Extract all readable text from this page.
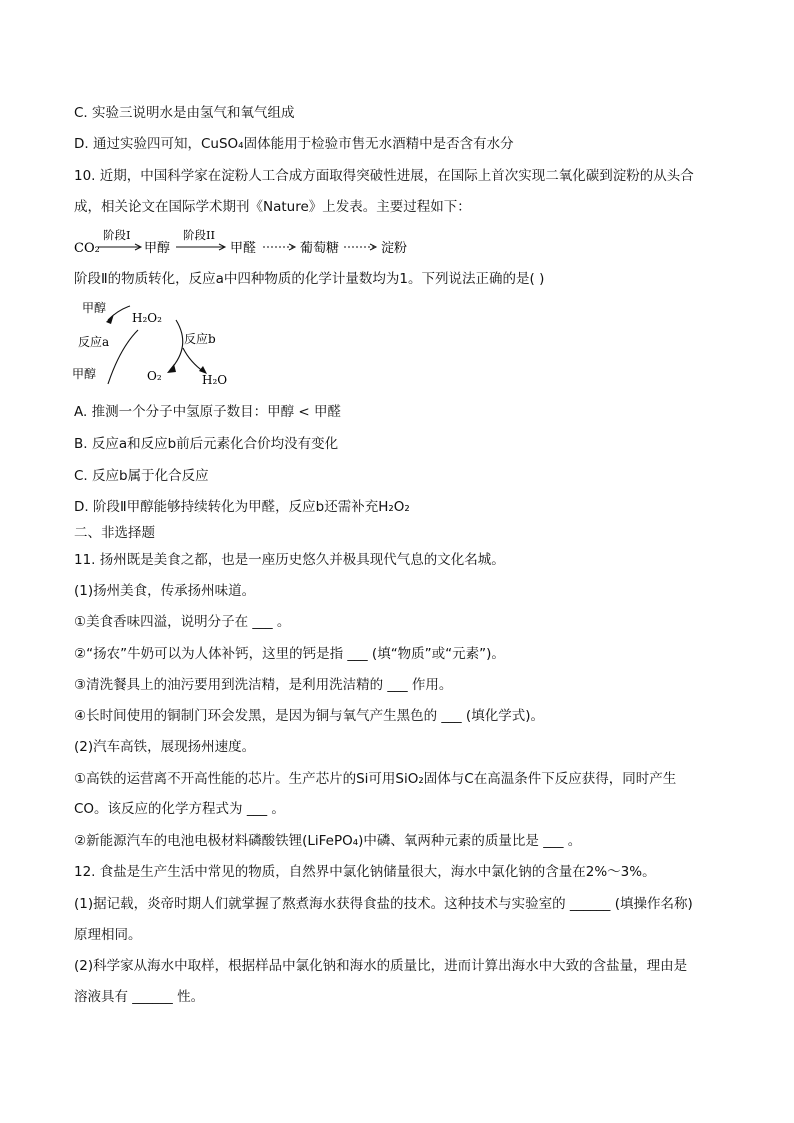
C. 实验三说明水是由氢气和氧气组成
D. 通过实验四可知，CuSO₄固体能用于检验市售无水酒精中是否含有水分
10. 近期，中国科学家在淀粉人工合成方面取得突破性进展，在国际上首次实现二氧化碳到淀粉的从头合
成，相关论文在国际学术期刊《Nature》上发表。主要过程如下：
CO₂
阶段I
甲醇
阶段II
甲醛	葡萄糖	淀粉
阶段Ⅱ的物质转化，反应a中四种物质的化学计量数均为1。下列说法正确的是( )
甲醇
H₂O₂
反应a	反应b
甲醇	O₂	H₂O
A. 推测一个分子中氢原子数目：甲醇 < 甲醛
B. 反应a和反应b前后元素化合价均没有变化
C. 反应b属于化合反应
D. 阶段Ⅱ甲醇能够持续转化为甲醛，反应b还需补充H₂O₂
二、非选择题
11. 扬州既是美食之都，也是一座历史悠久并极具现代气息的文化名城。
(1)扬州美食，传承扬州味道。
①美食香味四溢，说明分子在 ___ 。
②“扬农”牛奶可以为人体补钙，这里的钙是指 ___ (填“物质”或“元素”)。
③清洗餐具上的油污要用到洗洁精，是利用洗洁精的 ___ 作用。
④长时间使用的铜制门环会发黑，是因为铜与氧气产生黑色的 ___ (填化学式)。
(2)汽车高铁，展现扬州速度。
①高铁的运营离不开高性能的芯片。生产芯片的Si可用SiO₂固体与C在高温条件下反应获得，同时产生
CO。该反应的化学方程式为 ___ 。
②新能源汽车的电池电极材料磷酸铁锂(LiFePO₄)中磷、氧两种元素的质量比是 ___ 。
12. 食盐是生产生活中常见的物质，自然界中氯化钠储量很大，海水中氯化钠的含量在2%～3%。
(1)据记载，炎帝时期人们就掌握了熬煮海水获得食盐的技术。这种技术与实验室的 ______ (填操作名称)
原理相同。
(2)科学家从海水中取样，根据样品中氯化钠和海水的质量比，进而计算出海水中大致的含盐量，理由是
溶液具有 ______ 性。
